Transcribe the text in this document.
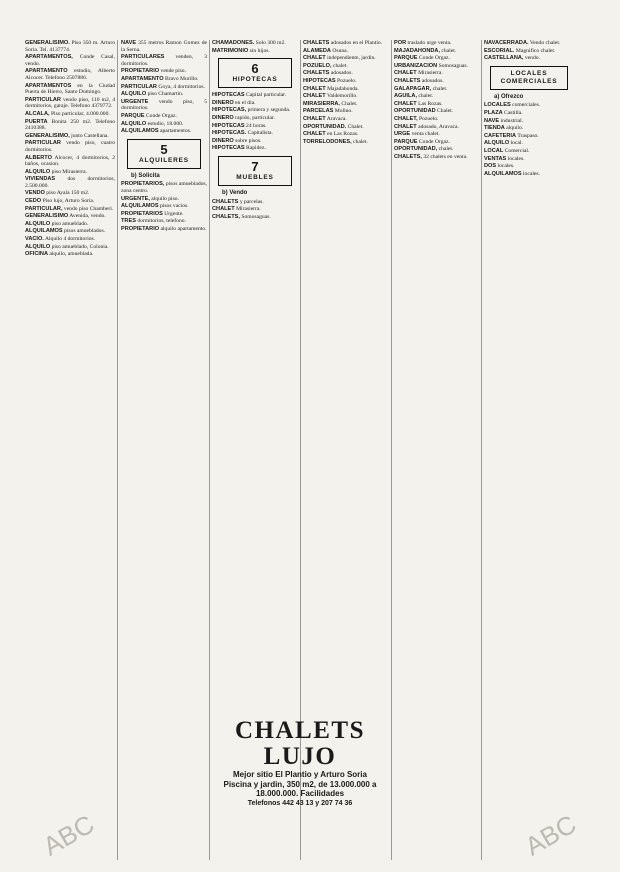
GENERALISIMO. Piso 350 m. Arturo Soria. Tel. 4137774.
APARTAMENTOS, Conde Casal, vendo.
APARTAMENTO estudio, Alberto Alcocer. Telefono 2507886.
APARTAMENTOS en la Ciudad Puerta de Hierro, Santo Domingo.
PARTICULAR vendo piso, 110 m2, 4 dormitorios, garaje. Telefono 4379772.
ALCALA, Piso particular, 4.000.000.
PUERTA Bonita 250 m2. Telefono 2410388.
GENERALISIMO, junto Castellana.
PARTICULAR vendo piso, cuatro dormitorios.
ALBERTO Alcocer, 4 dormitorios, 2 baños, ocasion.
ALQUILO piso Mirasierra.
VIVIENDAS dos dormitorios, 2.500.000.
VENDO piso Ayala 150 m2.
CEDO Piso lujo, Arturo Soria.
PARTICULAR, vendo piso Chamberi.
GENERALISIMO Avenida, vendo.
ALQUILO piso amueblado.
ALQUILAMOS pisos amueblados.
VACIO. Alquilo 4 dormitorios.
ALQUILO piso amueblado, Colonia.
OFICINA alquilo, amueblada.
NAVE 355 metros Ramon Gomez de la Serna.
PARTICULARES venden, 3 dormitorios.
PROPIETARIO vende piso.
APARTAMENTO Bravo Murillo.
PARTICULAR Goya, 4 dormitorios.
ALQUILO piso Chamartin.
URGENTE vendo piso, 5 dormitorios.
PARQUE Conde Orgaz.
ALQUILO estudio, 18.000.
ALQUILAMOS apartamentos.
5
ALQUILERES
b) Solicita
PROPIETARIOS, pisos amueblados, zona centro.
URGENTE, alquilo piso.
ALQUILAMOS pisos vacios.
PROPIETARIOS Urgente.
TRES dormitorios, telefono.
PROPIETARIO alquilo apartamento.
CHAMADONES. Solo 300 m2.
MATRIMONIO sin hijos.
6
HIPOTECAS
HIPOTECAS Capital particular.
DINERO en el dia.
HIPOTECAS, primera y segunda.
DINERO rapido, particular.
HIPOTECAS 24 horas.
HIPOTECAS. Capitalista.
DINERO sobre pisos.
HIPOTECAS Rapidez.
7
MUEBLES
b) Vendo
CHALETS y parcelas.
CHALET Mirasierra.
CHALETS, Somosaguas.
CHALETS adosados en el Plantio.
ALAMEDA Osuna.
CHALET independiente, jardin.
POZUELO, chalet.
CHALETS adosados.
HIPOTECAS Pozuelo.
CHALET Majadahonda.
CHALET Valdemorillo.
MIRASIERRA, Chalet.
PARCELAS Molino.
CHALET Aravaca.
OPORTUNIDAD. Chalet.
CHALET en Las Rozas.
TORRELODONES, chalet.
POR traslado urge venta.
MAJADAHONDA, chalet.
PARQUE Conde Orgaz.
URBANIZACION Somosaguas.
CHALET Mirasierra.
CHALETS adosados.
GALAPAGAR, chalet.
AGUILA, chalet.
CHALET Las Rozas.
OPORTUNIDAD Chalet.
CHALET, Pozuelo.
CHALET adosado, Aravaca.
URGE venta chalet.
PARQUE Conde Orgaz.
OPORTUNIDAD, chalet.
CHALETS, 32 chalets en venta.
NAVACERRADA. Vendo chalet.
ESCORIAL. Magnifico chalet.
CASTELLANA, vendo.
LOCALES
COMERCIALES
a) Ofrezco
LOCALES comerciales.
PLAZA Castilla.
NAVE industrial.
TIENDA alquilo.
CAFETERIA Traspaso.
ALQUILO local.
LOCAL Comercial.
VENTAS locales.
DOS locales.
ALQUILAMOS locales.
CHALETS LUJO
Mejor sitio El Plantio y Arturo Soria
Piscina y jardin, 350 m2, de 13.000.000 a 18.000.000. Facilidades
Telefonos 442 43 13 y 207 74 36
ABC	ABC
